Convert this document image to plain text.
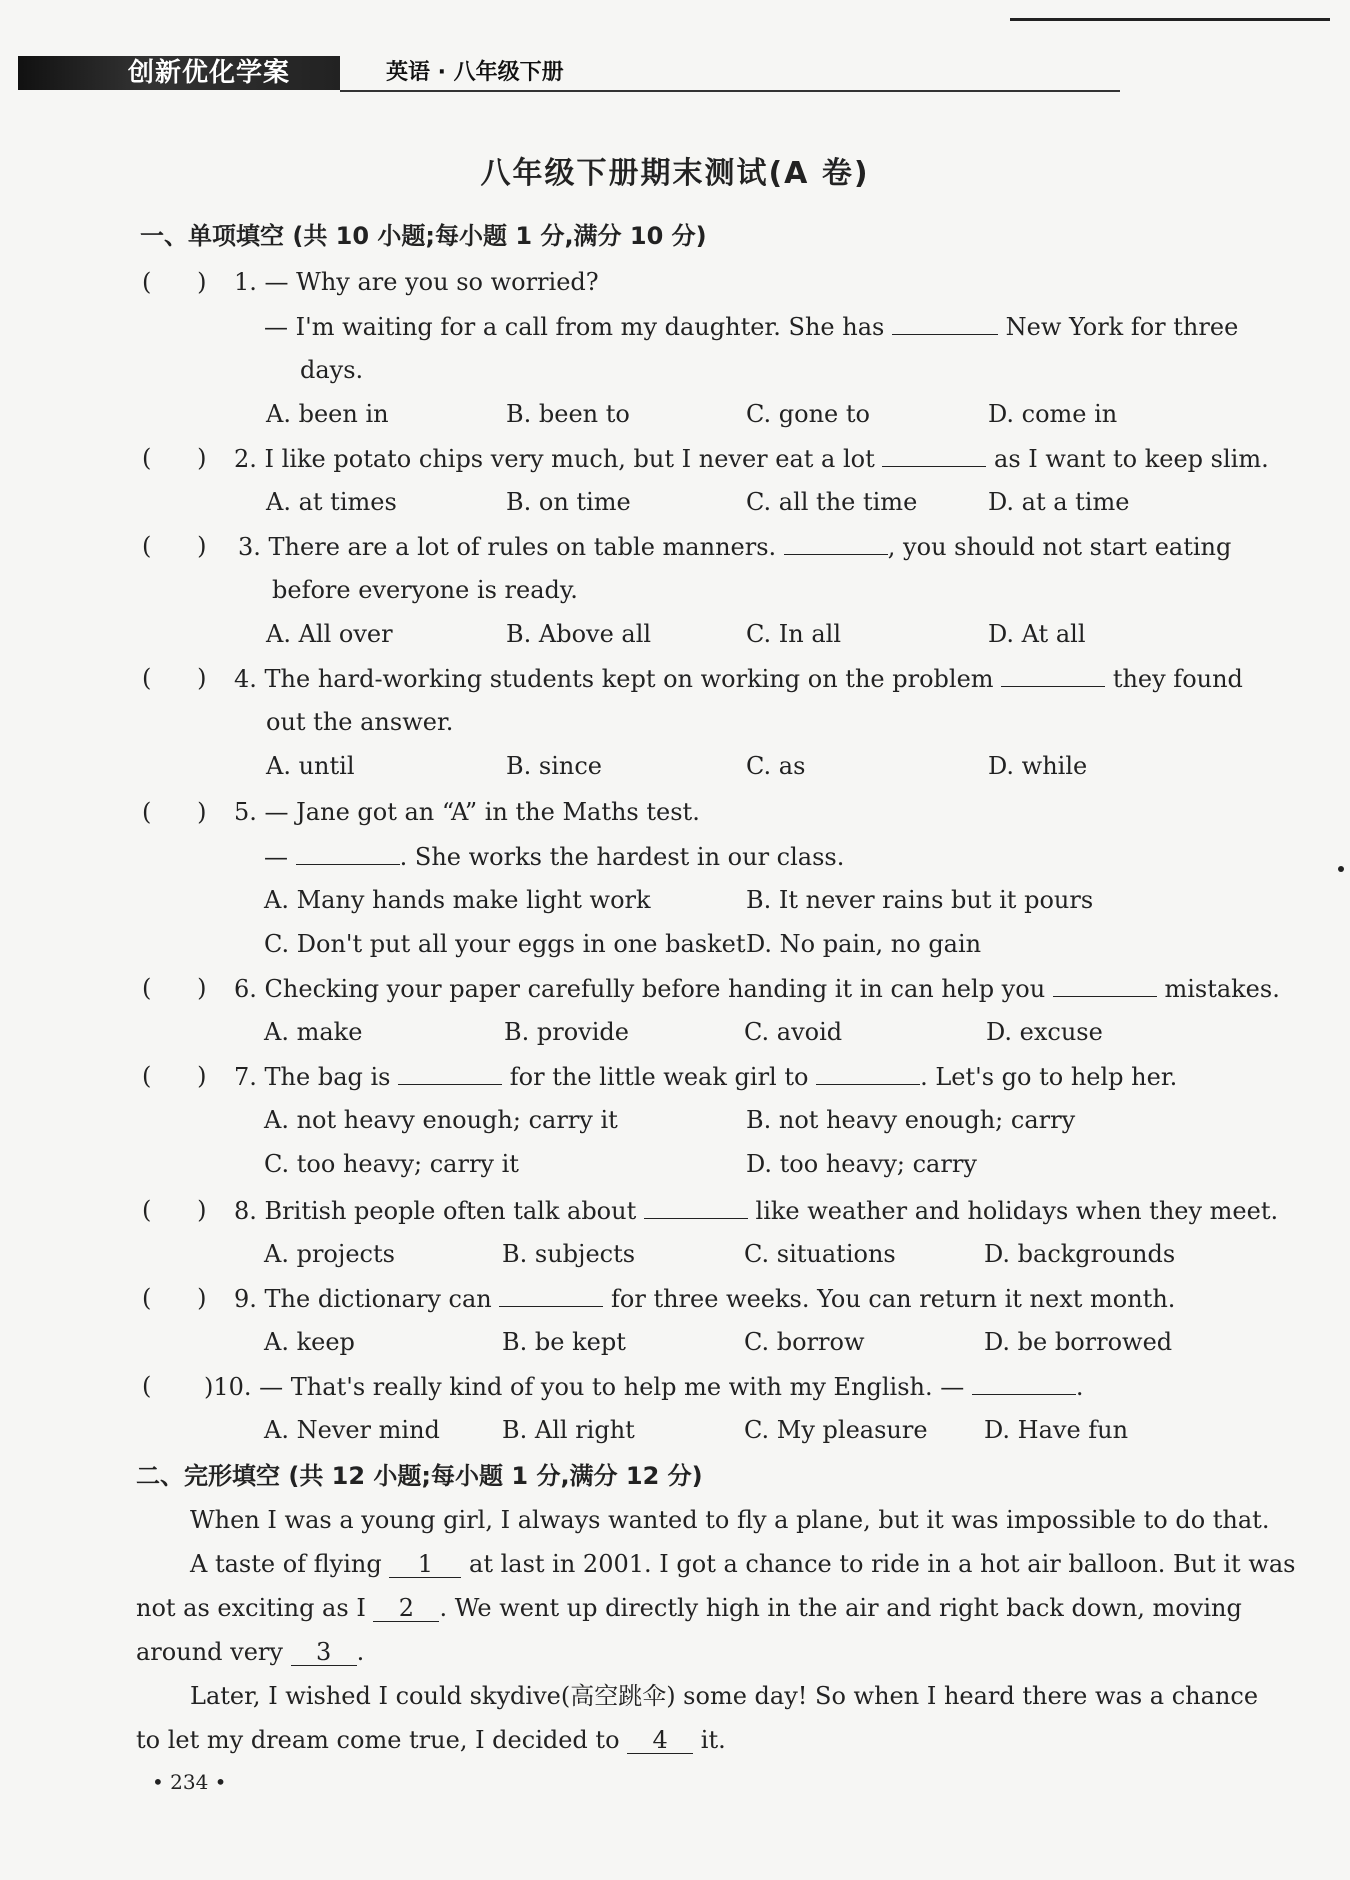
创新优化学案	英语 · 八年级下册
八年级下册期末测试(A 卷)
一、单项填空 (共 10 小题;每小题 1 分,满分 10 分)
(      ) 1. — Why are you so worried?
— I'm waiting for a call from my daughter. She has	New York for three
days.
A. been in	B. been to	C. gone to	D. come in
(      ) 2. I like potato chips very much, but I never eat a lot	as I want to keep slim.
A. at times	B. on time	C. all the time	D. at a time
(      ) 3. There are a lot of rules on table manners.	, you should not start eating
before everyone is ready.
A. All over	B. Above all	C. In all	D. At all
(      ) 4. The hard-working students kept on working on the problem	they found
out the answer.
A. until	B. since	C. as	D. while
(      ) 5. — Jane got an “A” in the Maths test.
—	. She works the hardest in our class.
A. Many hands make light work	B. It never rains but it pours
C. Don't put all your eggs in one basket D. No pain, no gain
(      ) 6. Checking your paper carefully before handing it in can help you	mistakes.
A. make	B. provide	C. avoid	D. excuse
(      ) 7. The bag is	for the little weak girl to	. Let's go to help her.
A. not heavy enough; carry it	B. not heavy enough; carry
C. too heavy; carry it	D. too heavy; carry
(      ) 8. British people often talk about	like weather and holidays when they meet.
A. projects	B. subjects	C. situations	D. backgrounds
(      ) 9. The dictionary can	for three weeks. You can return it next month.
A. keep	B. be kept	C. borrow	D. be borrowed
( )10. — That's really kind of you to help me with my English. —	.
A. Never mind	B. All right	C. My pleasure D. Have fun
二、完形填空 (共 12 小题;每小题 1 分,满分 12 分)
When I was a young girl, I always wanted to fly a plane, but it was impossible to do that.
A taste of flying 1 at last in 2001. I got a chance to ride in a hot air balloon. But it was
not as exciting as I 2 . We went up directly high in the air and right back down, moving
around very 3 .
Later, I wished I could skydive(高空跳伞) some day! So when I heard there was a chance
to let my dream come true, I decided to 4 it.
• 234 •
